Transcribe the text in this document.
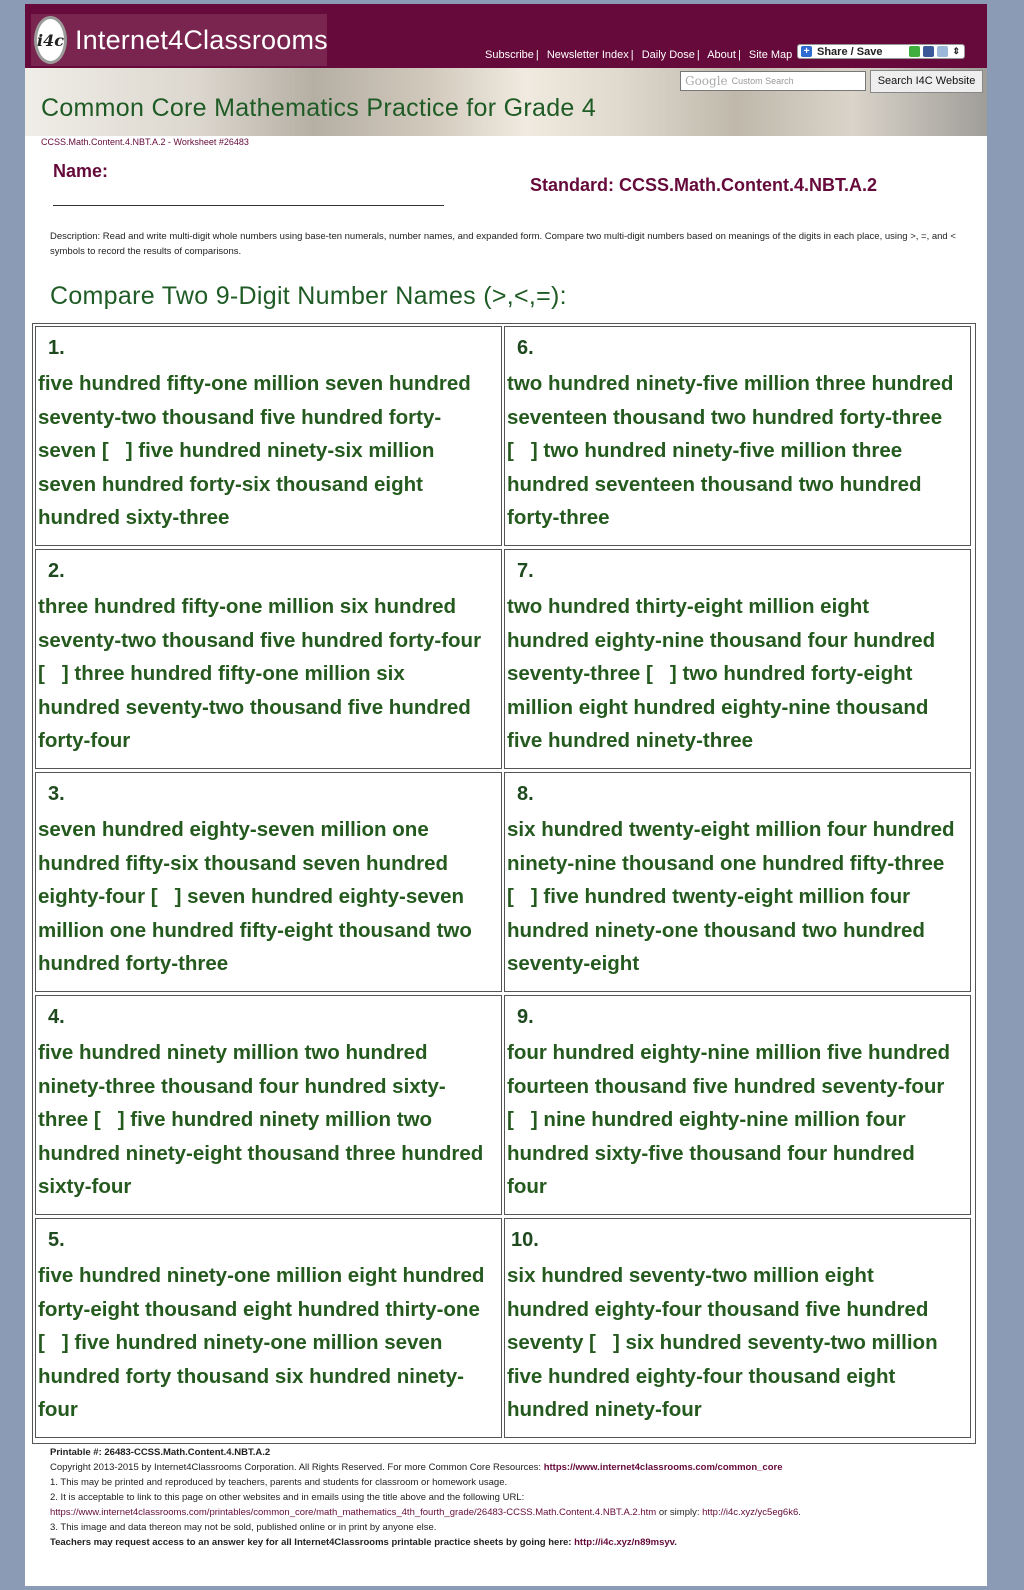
i4c Internet4Classrooms
Subscribe | Newsletter Index | Daily Dose | About | Site Map + Share / Save	⇕
Google Custom Search	Search I4C Website
Common Core Mathematics Practice for Grade 4
CCSS.Math.Content.4.NBT.A.2 - Worksheet #26483
Name:
Standard: CCSS.Math.Content.4.NBT.A.2
Description: Read and write multi-digit whole numbers using base-ten numerals, number names, and expanded form. Compare two multi-digit numbers based on meanings of the digits in each place, using >, =, and < symbols to record the results of comparisons.
Compare Two 9-Digit Number Names (>,<,=):
1.
five hundred fifty-one million seven hundred
seventy-two thousand five hundred forty-
seven [   ] five hundred ninety-six million
seven hundred forty-six thousand eight
hundred sixty-three
6.
two hundred ninety-five million three hundred
seventeen thousand two hundred forty-three
[   ] two hundred ninety-five million three
hundred seventeen thousand two hundred
forty-three
2.
three hundred fifty-one million six hundred
seventy-two thousand five hundred forty-four
[   ] three hundred fifty-one million six
hundred seventy-two thousand five hundred
forty-four
7.
two hundred thirty-eight million eight
hundred eighty-nine thousand four hundred
seventy-three [   ] two hundred forty-eight
million eight hundred eighty-nine thousand
five hundred ninety-three
3.
seven hundred eighty-seven million one
hundred fifty-six thousand seven hundred
eighty-four [   ] seven hundred eighty-seven
million one hundred fifty-eight thousand two
hundred forty-three
8.
six hundred twenty-eight million four hundred
ninety-nine thousand one hundred fifty-three
[   ] five hundred twenty-eight million four
hundred ninety-one thousand two hundred
seventy-eight
4.
five hundred ninety million two hundred
ninety-three thousand four hundred sixty-
three [   ] five hundred ninety million two
hundred ninety-eight thousand three hundred
sixty-four
9.
four hundred eighty-nine million five hundred
fourteen thousand five hundred seventy-four
[   ] nine hundred eighty-nine million four
hundred sixty-five thousand four hundred
four
5.
five hundred ninety-one million eight hundred
forty-eight thousand eight hundred thirty-one
[   ] five hundred ninety-one million seven
hundred forty thousand six hundred ninety-
four
10.
six hundred seventy-two million eight
hundred eighty-four thousand five hundred
seventy [   ] six hundred seventy-two million
five hundred eighty-four thousand eight
hundred ninety-four
Printable #: 26483-CCSS.Math.Content.4.NBT.A.2
Copyright 2013-2015 by Internet4Classrooms Corporation. All Rights Reserved. For more Common Core Resources: https://www.internet4classrooms.com/common_core
1. This may be printed and reproduced by teachers, parents and students for classroom or homework usage.
2. It is acceptable to link to this page on other websites and in emails using the title above and the following URL:
https://www.internet4classrooms.com/printables/common_core/math_mathematics_4th_fourth_grade/26483-CCSS.Math.Content.4.NBT.A.2.htm or simply: http://i4c.xyz/yc5eg6k6.
3. This image and data thereon may not be sold, published online or in print by anyone else.
Teachers may request access to an answer key for all Internet4Classrooms printable practice sheets by going here: http://i4c.xyz/n89msyv.
